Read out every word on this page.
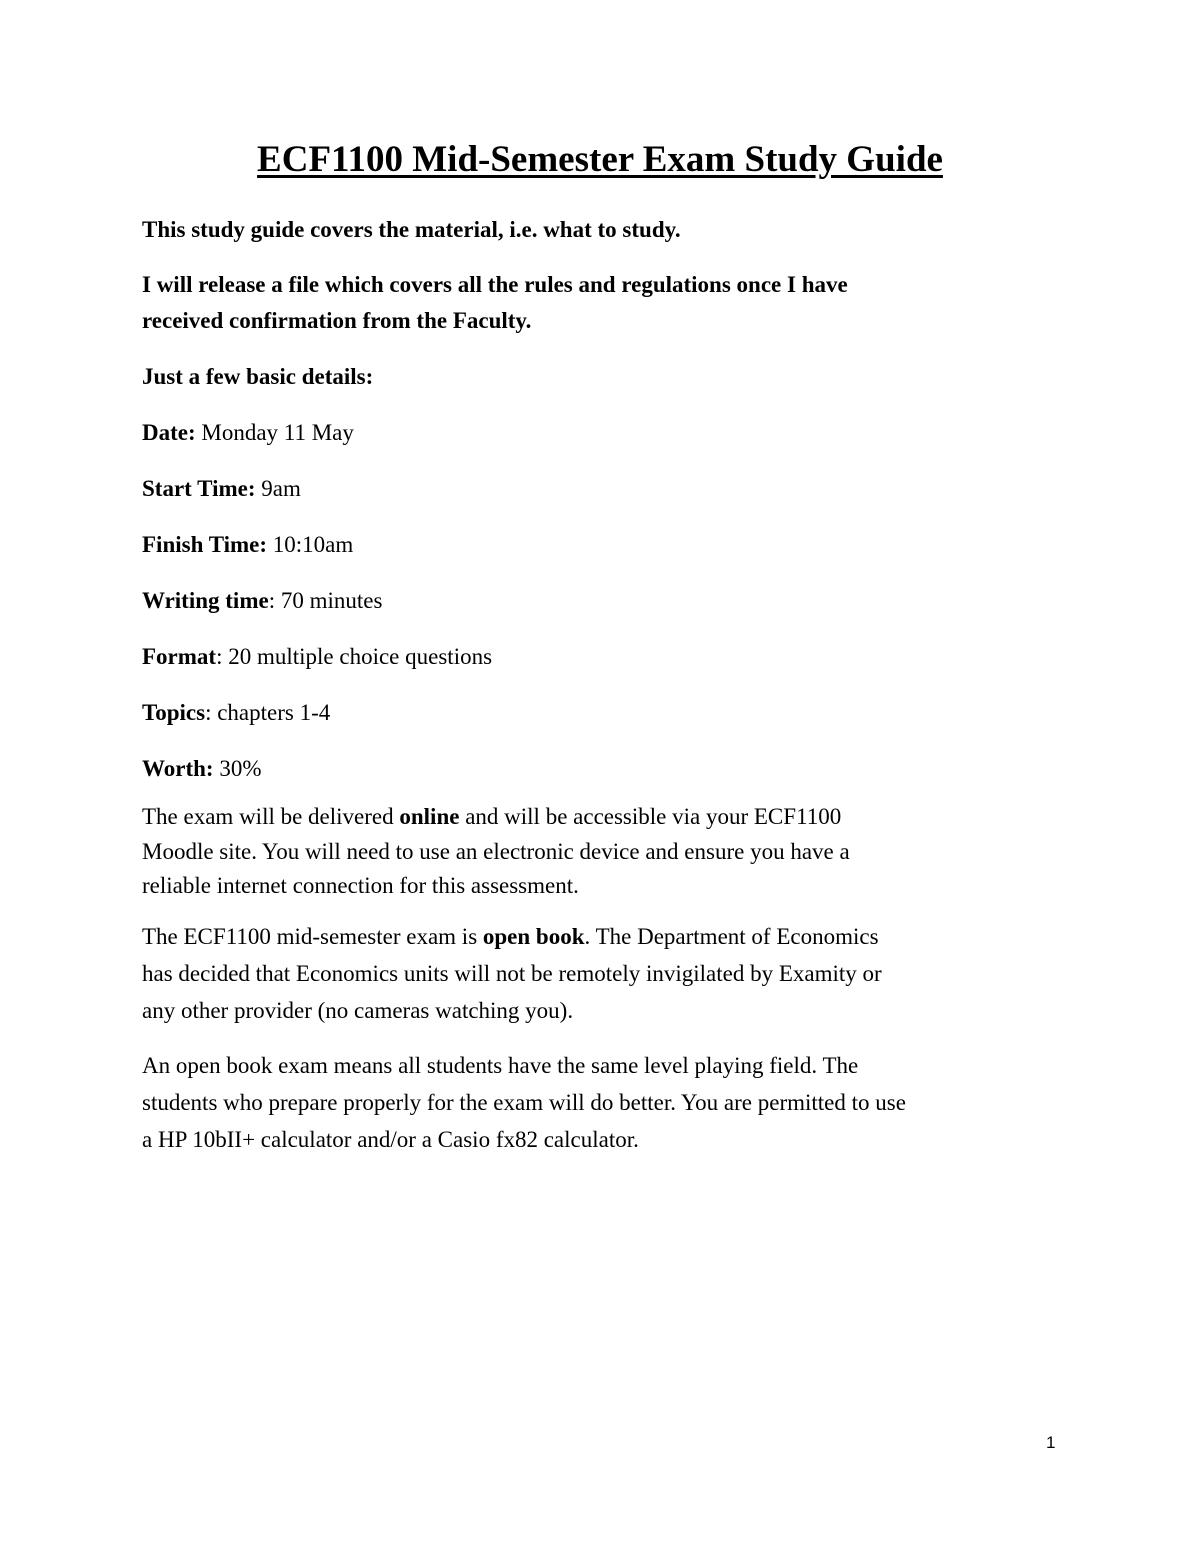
ECF1100 Mid-Semester Exam Study Guide
This study guide covers the material, i.e. what to study.
I will release a file which covers all the rules and regulations once I have
received confirmation from the Faculty.
Just a few basic details:
Date: Monday 11 May
Start Time: 9am
Finish Time: 10:10am
Writing time: 70 minutes
Format: 20 multiple choice questions
Topics: chapters 1-4
Worth: 30%
The exam will be delivered online and will be accessible via your ECF1100
Moodle site. You will need to use an electronic device and ensure you have a
reliable internet connection for this assessment.
The ECF1100 mid-semester exam is open book. The Department of Economics
has decided that Economics units will not be remotely invigilated by Examity or
any other provider (no cameras watching you).
An open book exam means all students have the same level playing field. The
students who prepare properly for the exam will do better. You are permitted to use
a HP 10bII+ calculator and/or a Casio fx82 calculator.
1
